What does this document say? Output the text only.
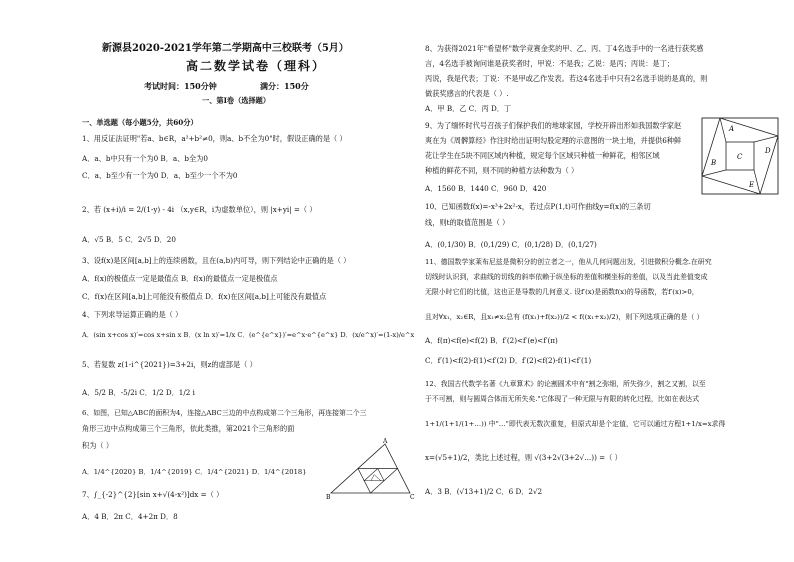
新源县2020-2021学年第二学期高中三校联考（5月）
高二数学试卷（理科）
考试时间：150分钟	满分：150分
一、第I卷（选择题）
一、单选题（每小题5分，共60分）
1、用反证法证明"若a、b∈R，a²+b²≠0，则a、b不全为0"时，假设正确的是（ ）
A．a、b中只有一个为0 B．a、b全为0
C．a、b至少有一个为0 D．a、b至少一个不为0
2、若 (x+i)/i = 2/(1-y) - 4i （x,y∈R，i为虚数单位），则 |x+yi| =（ ）
A．√5 B．5 C．2√5 D．20
3、设f(x)是区间[a,b]上的连续函数，且在(a,b)内可导，则下列结论中正确的是（ ）
A．f(x)的极值点一定是最值点 B．f(x)的最值点一定是极值点
C．f(x)在区间[a,b]上可能没有极值点 D．f(x)在区间[a,b]上可能没有最值点
4、下列求导运算正确的是（ ）
A．(sin x+cos x)′=cos x+sin x B．(x ln x)′=1/x C．(e^{e^x})′=e^x·e^{e^x} D．(x/e^x)′=(1-x)/e^x
5、若复数 z(1-i^{2021})=3+2i，则z的虚部是（ ）
A．5/2 B．-5/2i C．1/2 D．1/2 i
6、如图，已知△ABC的面积为4，连接△ABC三边的中点构成第二个三角形，再连接第二个三
角形三边中点构成第三个三角形，依此类推，第2021个三角形的面
积为（ ）
A．1/4^{2020} B．1/4^{2019} C．1/4^{2021} D．1/4^{2018}
7、∫_{-2}^{2}[sin x+√(4-x²)]dx =（ ）
A．4 B．2π C．4+2π D．8
A
B	C
8、为获得2021年"希望杯"数学竞赛金奖的甲、乙、丙、丁4名选手中的一名进行获奖感
言，4名选手被询问谁是获奖者时，甲说：不是我；乙说：是丙；丙说：是丁；
丙说，我是代表；丁说：不是甲或乙作发表。若这4名选手中只有2名选手说的是真的，则
做获奖感言的代表是（ ）.
A．甲 B．乙 C．丙 D．丁
9、为了缅怀时代号召孩子们保护我们的地球家园，学校开辟出形如我国数学家赵
爽在为《周髀算经》作注时给出证明勾股定理的示意图的一块土地，并提供6种鲜
花让学生在5块不同区域内种植，规定每个区域只种植一种鲜花，相邻区域
种植的鲜花不同，则不同的种植方法种数为（ ）
A．1560 B．1440 C．960 D．420
10、已知函数f(x)=-x³+2x²-x，若过点P(1,t)可作曲线y=f(x)的三条切
线，则t的取值范围是（ ）
A．(0,1/30) B．(0,1/29) C．(0,1/28) D．(0,1/27)
11、德国数学家莱布尼兹是微积分的创立者之一，他从几何问题出发，引进微积分概念.在研究
切线时认识到，求曲线的切线的斜率依赖于纵坐标的差值和横坐标的差值，以及当此差值变成
无限小时它们的比值，这也正是导数的几何意义. 设f′(x)是函数f(x)的导函数，若f′(x)>0，
且对∀x₁，x₂∈R，且x₁≠x₂总有 (f(x₁)+f(x₂))/2 < f((x₁+x₂)/2)，则下列选项正确的是（ ）
A．f(π)<f(e)<f(2) B．f′(2)<f′(e)<f′(π)
C．f′(1)<f(2)-f(1)<f′(2) D．f′(2)<f(2)-f(1)<f′(1)
12、我国古代数学名著《九章算术》的论割圆术中有"割之弥细，所失弥少，割之又割，以至
于不可割，则与圆周合体而无所失矣."它体现了一种无限与有限的转化过程，比如在表达式
1+1/(1+1/(1+…)) 中"…"即代表无数次重复，但原式却是个定值，它可以通过方程1+1/x=x求得
x=(√5+1)/2，类比上述过程，则 √(3+2√(3+2√…)) =（ ）
A．3 B．(√13+1)/2 C．6 D．2√2
A
B
C
D
E
